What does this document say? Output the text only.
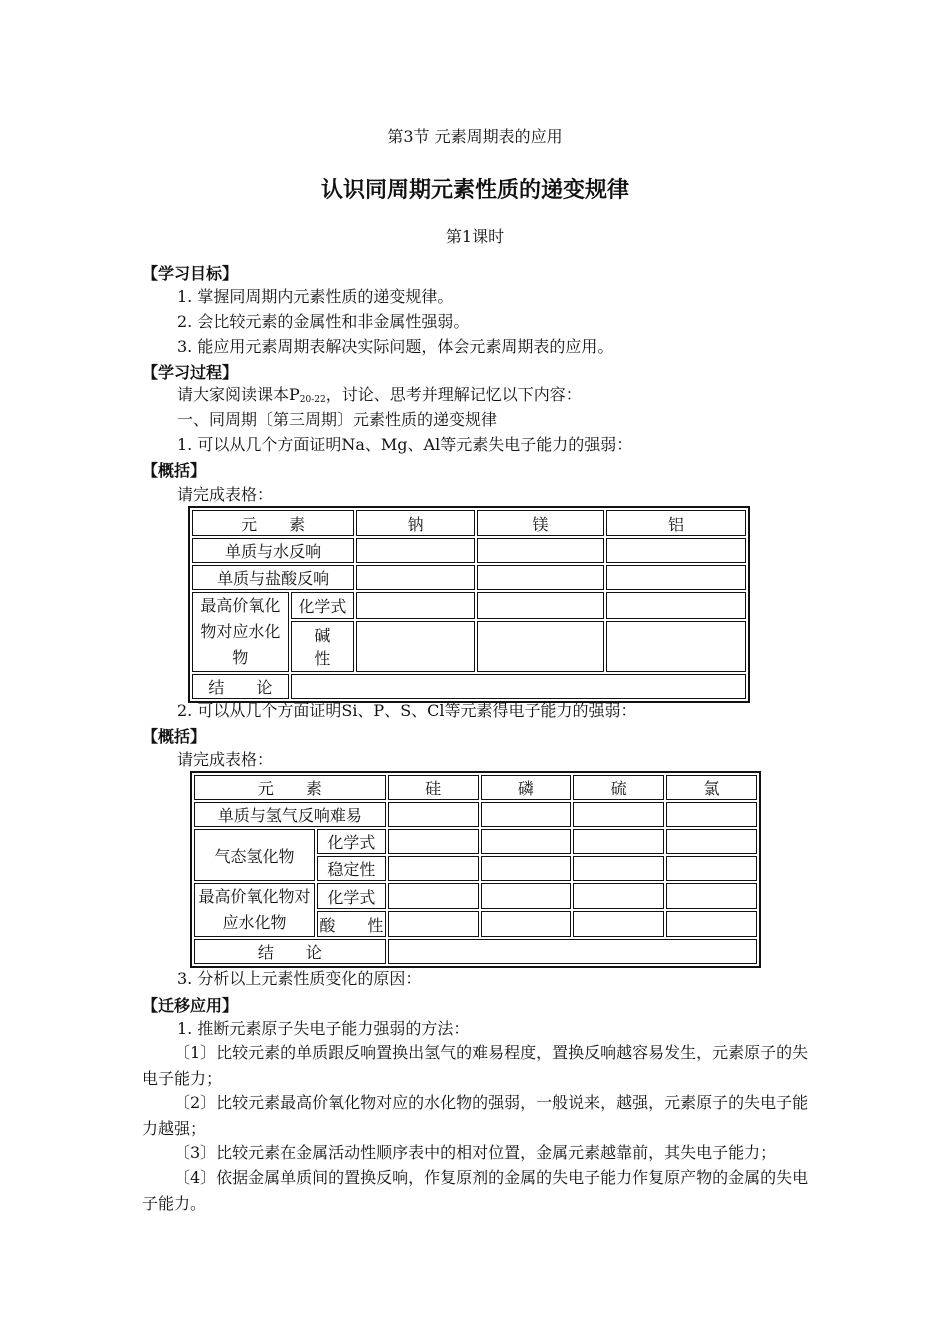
第3节 元素周期表的应用
认识同周期元素性质的递变规律
第1课时
【学习目标】
1. 掌握同周期内元素性质的递变规律。
2. 会比较元素的金属性和非金属性强弱。
3. 能应用元素周期表解决实际问题，体会元素周期表的应用。
【学习过程】
请大家阅读课本$P_{20-22}$，讨论、思考并理解记忆以下内容：
一、同周期〔第三周期〕元素性质的递变规律
1. 可以从几个方面证明Na、Mg、Al等元素失电子能力的强弱：
【概括】
请完成表格：
元　　素		钠	镁	铝
单质与水反响				
单质与盐酸反响				
最高价氧化物对应水化物	化学式			
	碱　　性			
结　　论				
2. 可以从几个方面证明Si、P、S、Cl等元素得电子能力的强弱：
【概括】
请完成表格：
元　　素		硅	磷	硫	氯
单质与氢气反响难易					
气态氢化物	化学式				
	稳定性				
最高价氧化物对应水化物	化学式				
	酸　　性				
结　　论					
3. 分析以上元素性质变化的原因：
【迁移应用】
1. 推断元素原子失电子能力强弱的方法：
〔1〕比较元素的单质跟反响置换出氢气的难易程度，置换反响越容易发生，元素原子的失电子能力；
〔2〕比较元素最高价氧化物对应的水化物的强弱，一般说来，越强，元素原子的失电子能力越强；
〔3〕比较元素在金属活动性顺序表中的相对位置，金属元素越靠前，其失电子能力；
〔4〕依据金属单质间的置换反响，作复原剂的金属的失电子能力作复原产物的金属的失电子能力。
